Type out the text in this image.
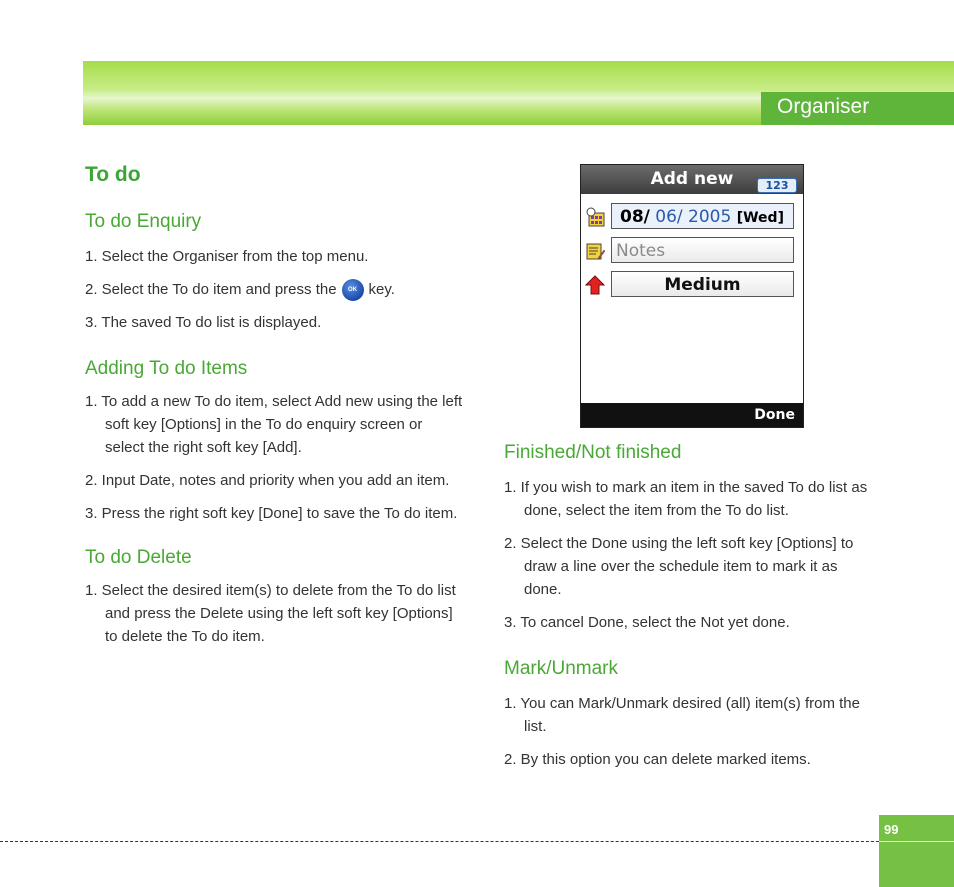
Organiser
To do
To do Enquiry
1. Select the Organiser from the top menu.
2. Select the To do item and press the OK key.
3. The saved To do list is displayed.
Adding To do Items
1. To add a new To do item, select Add new using the left soft key [Options] in the To do enquiry screen or select the right soft key [Add].
2. Input Date, notes and priority when you add an item.
3. Press the right soft key [Done] to save the To do item.
To do Delete
1. Select the desired item(s) to delete from the To do list and press the Delete using the left soft key [Options] to delete the To do item.
Add new	123
08/ 06/ 2005 [Wed]
Notes
Medium
Done
Finished/Not finished
1. If you wish to mark an item in the saved To do list as done, select the item from the To do list.
2. Select the Done using the left soft key [Options] to draw a line over the schedule item to mark it as done.
3. To cancel Done, select the Not yet done.
Mark/Unmark
1. You can Mark/Unmark desired (all) item(s) from the list.
2. By this option you can delete marked items.
99
